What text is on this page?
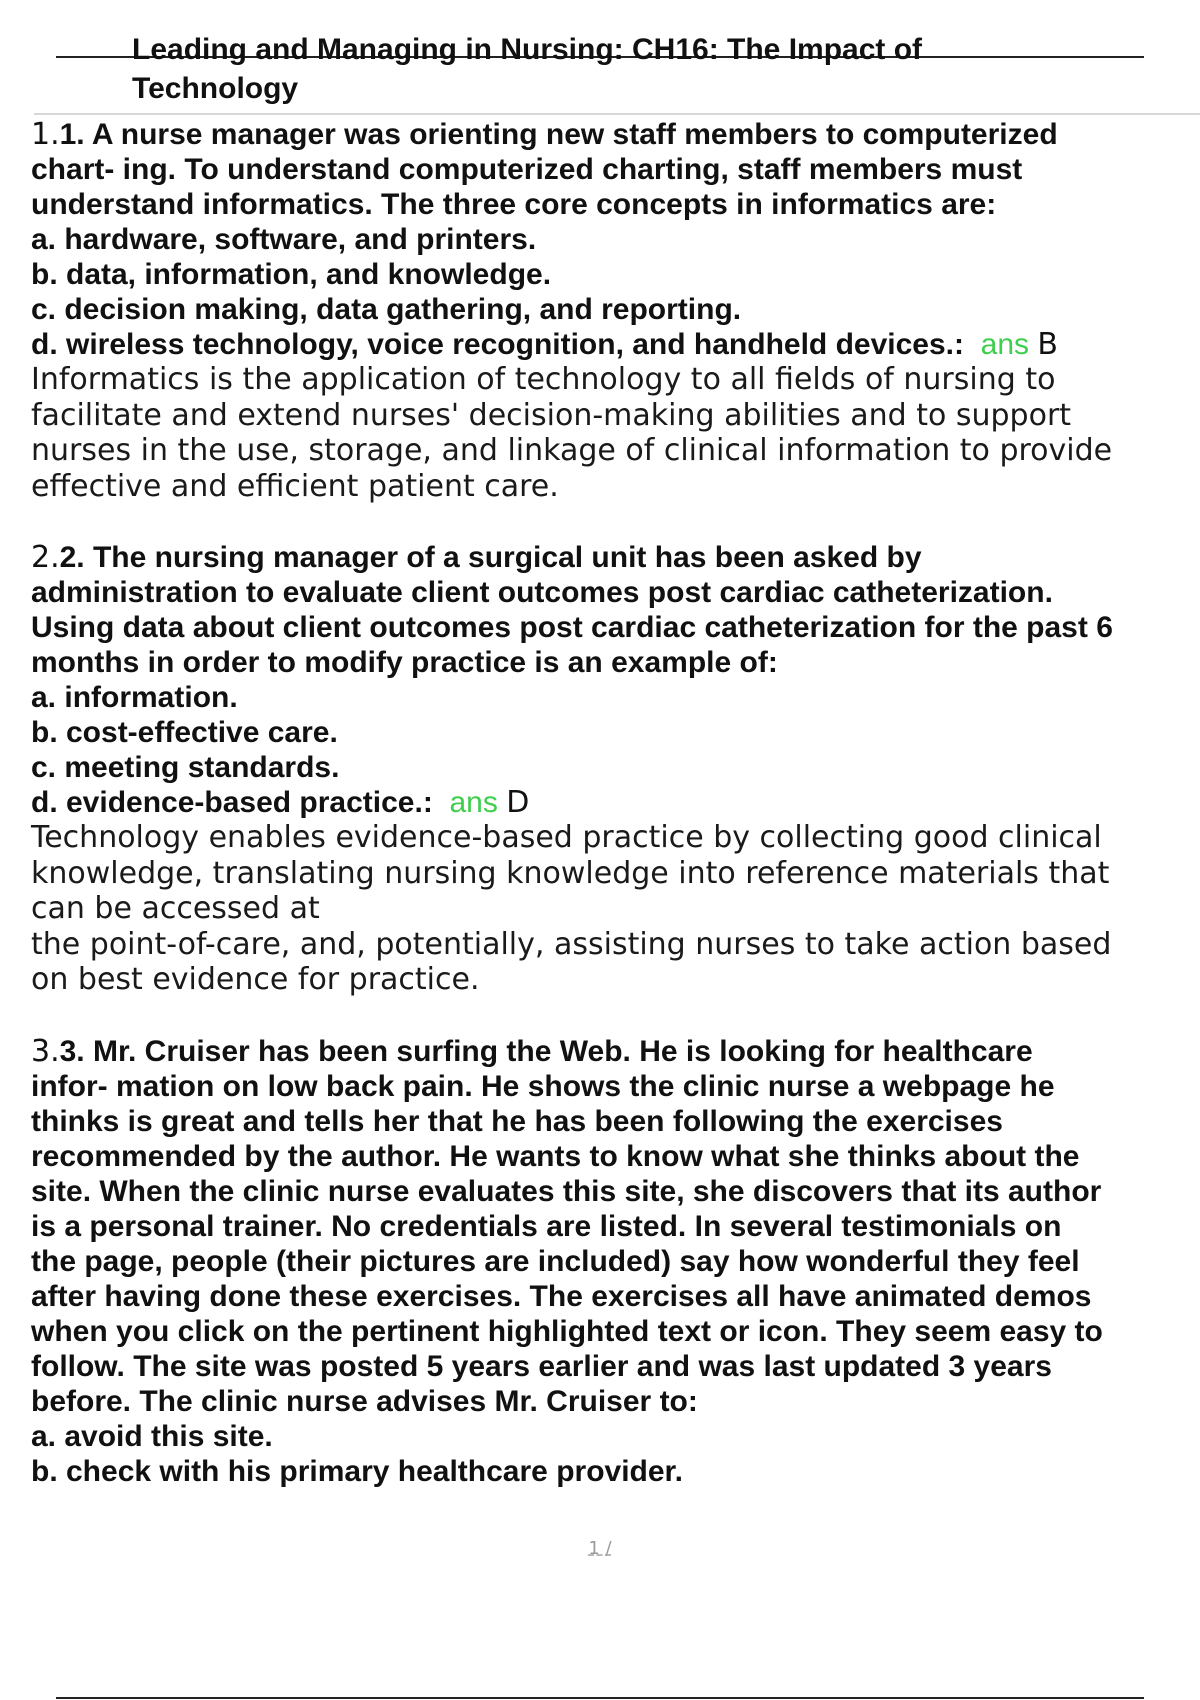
Leading and Managing in Nursing: CH16: The Impact of
Technology
1.1. A nurse manager was orienting new staff members to computerized
chart- ing. To understand computerized charting, staff members must
understand informatics. The three core concepts in informatics are:
a. hardware, software, and printers.
b. data, information, and knowledge.
c. decision making, data gathering, and reporting.
d. wireless technology, voice recognition, and handheld devices.: ans B
Informatics is the application of technology to all fields of nursing to
facilitate and extend nurses' decision-making abilities and to support
nurses in the use, storage, and linkage of clinical information to provide
effective and efficient patient care.
2.2. The nursing manager of a surgical unit has been asked by
administration to evaluate client outcomes post cardiac catheterization.
Using data about client outcomes post cardiac catheterization for the past 6
months in order to modify practice is an example of:
a. information.
b. cost-effective care.
c. meeting standards.
d. evidence-based practice.: ans D
Technology enables evidence-based practice by collecting good clinical
knowledge, translating nursing knowledge into reference materials that
can be accessed at
the point-of-care, and, potentially, assisting nurses to take action based
on best evidence for practice.
3.3. Mr. Cruiser has been surfing the Web. He is looking for healthcare
infor- mation on low back pain. He shows the clinic nurse a webpage he
thinks is great and tells her that he has been following the exercises
recommended by the author. He wants to know what she thinks about the
site. When the clinic nurse evaluates this site, she discovers that its author
is a personal trainer. No credentials are listed. In several testimonials on
the page, people (their pictures are included) say how wonderful they feel
after having done these exercises. The exercises all have animated demos
when you click on the pertinent highlighted text or icon. They seem easy to
follow. The site was posted 5 years earlier and was last updated 3 years
before. The clinic nurse advises Mr. Cruiser to:
a. avoid this site.
b. check with his primary healthcare provider.
1 /
